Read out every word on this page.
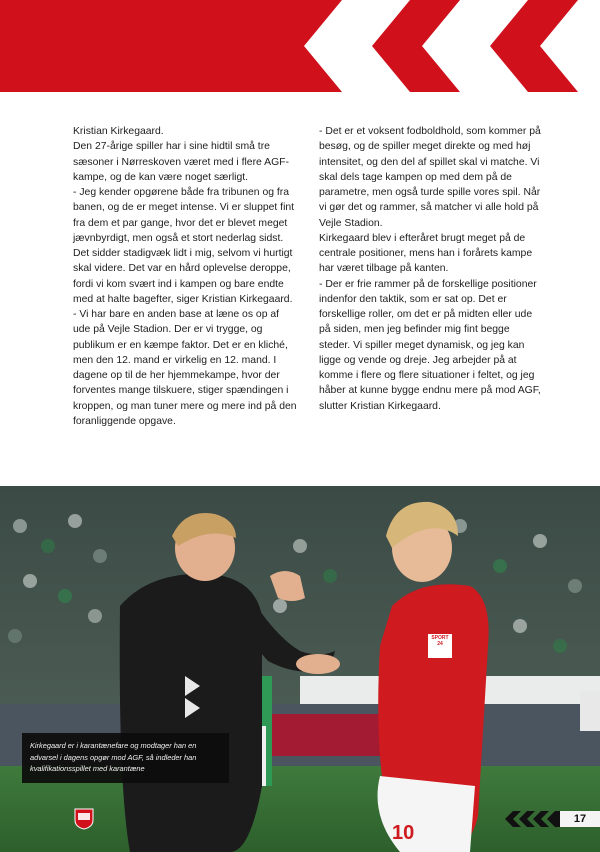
Kristian Kirkegaard.

Den 27-årige spiller har i sine hidtil små tre sæsoner i Nørreskoven været med i flere AGF-kampe, og de kan være noget særligt.

- Jeg kender opgørene både fra tribunen og fra banen, og de er meget intense. Vi er sluppet fint fra dem et par gange, hvor det er blevet meget jævnbyrdigt, men også et stort nederlag sidst. Det sidder stadigvæk lidt i mig, selvom vi hurtigt skal videre. Det var en hård oplevelse deroppe, fordi vi kom svært ind i kampen og bare endte med at halte bagefter, siger Kristian Kirkegaard.

- Vi har bare en anden base at læne os op af ude på Vejle Stadion. Der er vi trygge, og publikum er en kæmpe faktor. Det er en kliché, men den 12. mand er virkelig en 12. mand. I dagene op til de her hjemmekampe, hvor der forventes mange tilskuere, stiger spændingen i kroppen, og man tuner mere og mere ind på den foranliggende opgave.

- Det er et voksent fodboldhold, som kommer på besøg, og de spiller meget direkte og med høj intensitet, og den del af spillet skal vi matche. Vi skal dels tage kampen op med dem på de parametre, men også turde spille vores spil. Når vi gør det og rammer, så matcher vi alle hold på Vejle Stadion.

Kirkegaard blev i efteråret brugt meget på de centrale positioner, mens han i forårets kampe har været tilbage på kanten.

- Der er frie rammer på de forskellige positioner indenfor den taktik, som er sat op. Det er forskellige roller, om det er på midten eller ude på siden, men jeg befinder mig fint begge steder. Vi spiller meget dynamisk, og jeg kan ligge og vende og dreje. Jeg arbejder på at komme i flere og flere situationer i feltet, og jeg håber at kunne bygge endnu mere på mod AGF, slutter Kristian Kirkegaard.

SPORT 24
10

Kirkegaard er i karantænefare og modtager han en advarsel i dagens opgør mod AGF, så indleder han kvalifikationsspillet med karantæne

17
